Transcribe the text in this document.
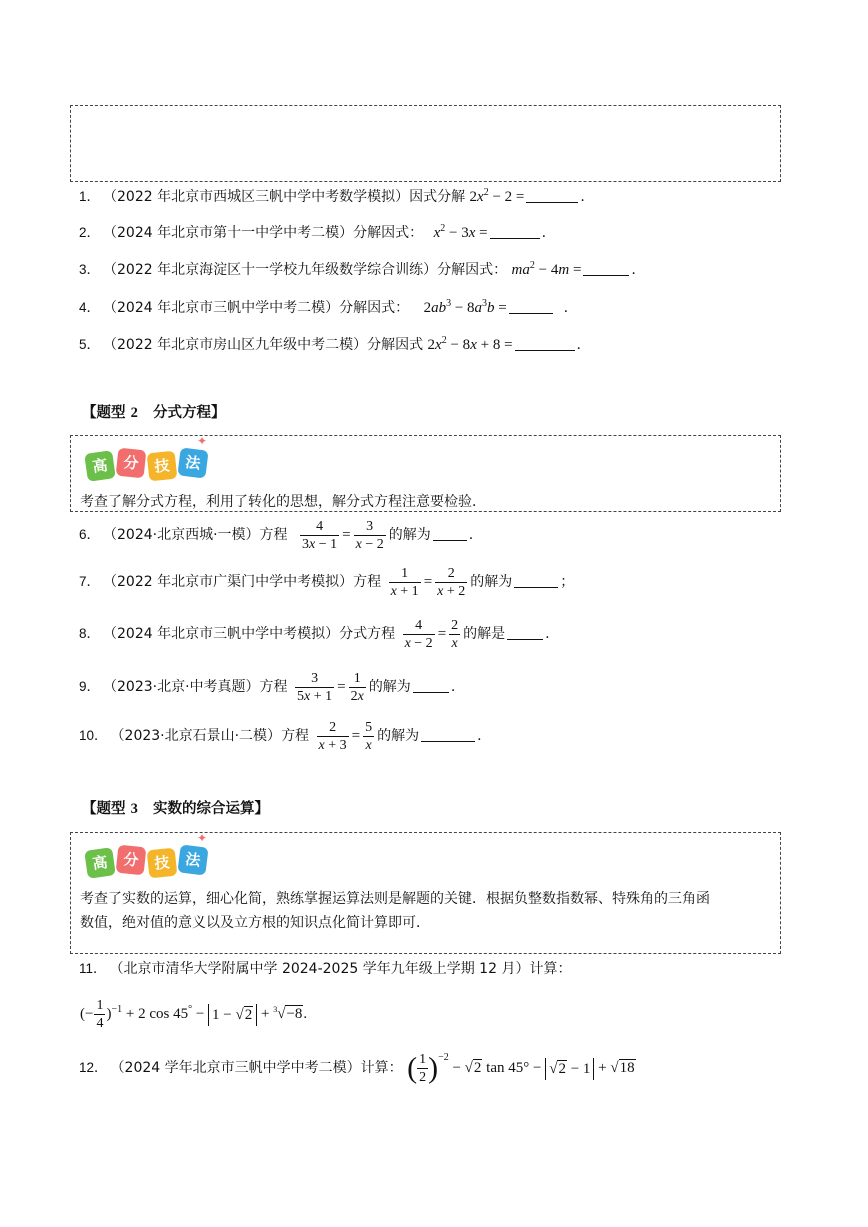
1． （2022 年北京市西城区三帆中学中考数学模拟）因式分解 $2x^2 - 2$ =	.
2． （2024 年北京市第十一中学中考二模）分解因式： $x^2 - 3x$ =	.
3． （2022 年北京海淀区十一学校九年级数学综合训练）分解因式： $ma^2 - 4m$ =	.
4． （2024 年北京市三帆中学中考二模）分解因式： $2ab^3 - 8a^3b$ =	.
5． （2022 年北京市房山区九年级中考二模）分解因式 $2x^2 - 8x + 8$ =	.
【题型 2 分式方程】
高 分 技 法
✦
考查了解分式方程，利用了转化的思想，解分式方程注意要检验．
6． （2024·北京西城·一模）方程 $\frac{4}{3x - 1} = \frac{3}{x - 2}$ 的解为	.
7． （2022 年北京市广渠门中学中考模拟）方程 $\frac{1}{x + 1} = \frac{2}{x + 2}$ 的解为	；
8． （2024 年北京市三帆中学中考模拟）分式方程 $\frac{4}{x - 2} = \frac{2}{x}$ 的解是	.
9． （2023·北京·中考真题）方程 $\frac{3}{5x + 1} = \frac{1}{2x}$ 的解为	.
10． （2023·北京石景山·二模）方程 $\frac{2}{x + 3} = \frac{5}{x}$ 的解为	.
【题型 3 实数的综合运算】
高 分 技 法
✦
考查了实数的运算，细心化简，熟练掌握运算法则是解题的关键．根据负整数指数幂、特殊角的三角函
数值，绝对值的意义以及立方根的知识点化简计算即可．
11． （北京市清华大学附属中学 2024-2025 学年九年级上学期 12 月）计算：
(− $\frac{1}{4} )^{-1} + 2$ cos 45° − 1 − √2 + $^3$√−8.
12． （2024 学年北京市三帆中学中考二模）计算： ( $\frac{1}{2} )^{-2} - √2$ tan 45° − √2 − 1 + √18
